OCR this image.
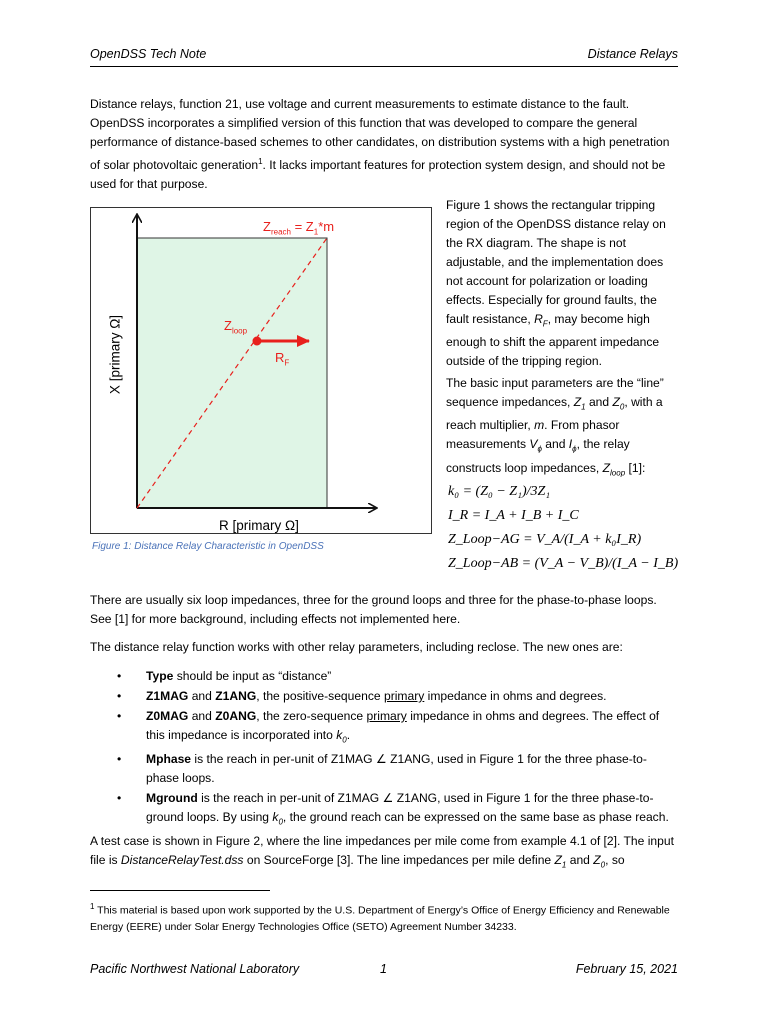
OpenDSS Tech Note	Distance Relays

Distance relays, function 21, use voltage and current measurements to estimate distance to the fault. OpenDSS incorporates a simplified version of this function that was developed to compare the general performance of distance-based schemes to other candidates, on distribution systems with a high penetration of solar photovoltaic generation$^1$. It lacks important features for protection system design, and should not be used for that purpose.

$Z_{reach} = Z_1*m$
$Z_{loop}$
$R_F$
X [primary Ω]
R [primary Ω]
Figure 1: Distance Relay Characteristic in OpenDSS

Figure 1 shows the rectangular tripping region of the OpenDSS distance relay on the RX diagram. The shape is not adjustable, and the implementation does not account for polarization or loading effects. Especially for ground faults, the fault resistance, $R_F$, may become high enough to shift the apparent impedance outside of the tripping region.

The basic input parameters are the “line” sequence impedances, $Z_1$ and $Z_0$, with a reach multiplier, m. From phasor measurements $V_\phi$ and $I_\phi$, the relay constructs loop impedances, $Z_{loop}$ [1]:

k₀ = (Z₀ − Z₁)/3Z₁
I_R = I_A + I_B + I_C
Z_Loop−AG = V_A/(I_A + k₀I_R)
Z_Loop−AB = (V_A − V_B)/(I_A − I_B)

There are usually six loop impedances, three for the ground loops and three for the phase-to-phase loops. See [1] for more background, including effects not implemented here.

The distance relay function works with other relay parameters, including reclose. The new ones are:

• Type should be input as “distance”
• Z1MAG and Z1ANG, the positive-sequence primary impedance in ohms and degrees.
• Z0MAG and Z0ANG, the zero-sequence primary impedance in ohms and degrees. The effect of this impedance is incorporated into $k_0$.
• Mphase is the reach in per-unit of Z1MAG ∠ Z1ANG, used in Figure 1 for the three phase-to-phase loops.
• Mground is the reach in per-unit of Z1MAG ∠ Z1ANG, used in Figure 1 for the three phase-to-ground loops. By using $k_0$, the ground reach can be expressed on the same base as phase reach.

A test case is shown in Figure 2, where the line impedances per mile come from example 4.1 of [2]. The input file is DistanceRelayTest.dss on SourceForge [3]. The line impedances per mile define $Z_1$ and $Z_0$, so

$^1$ This material is based upon work supported by the U.S. Department of Energy’s Office of Energy Efficiency and Renewable Energy (EERE) under Solar Energy Technologies Office (SETO) Agreement Number 34233.
Pacific Northwest National Laboratory	1	February 15, 2021
